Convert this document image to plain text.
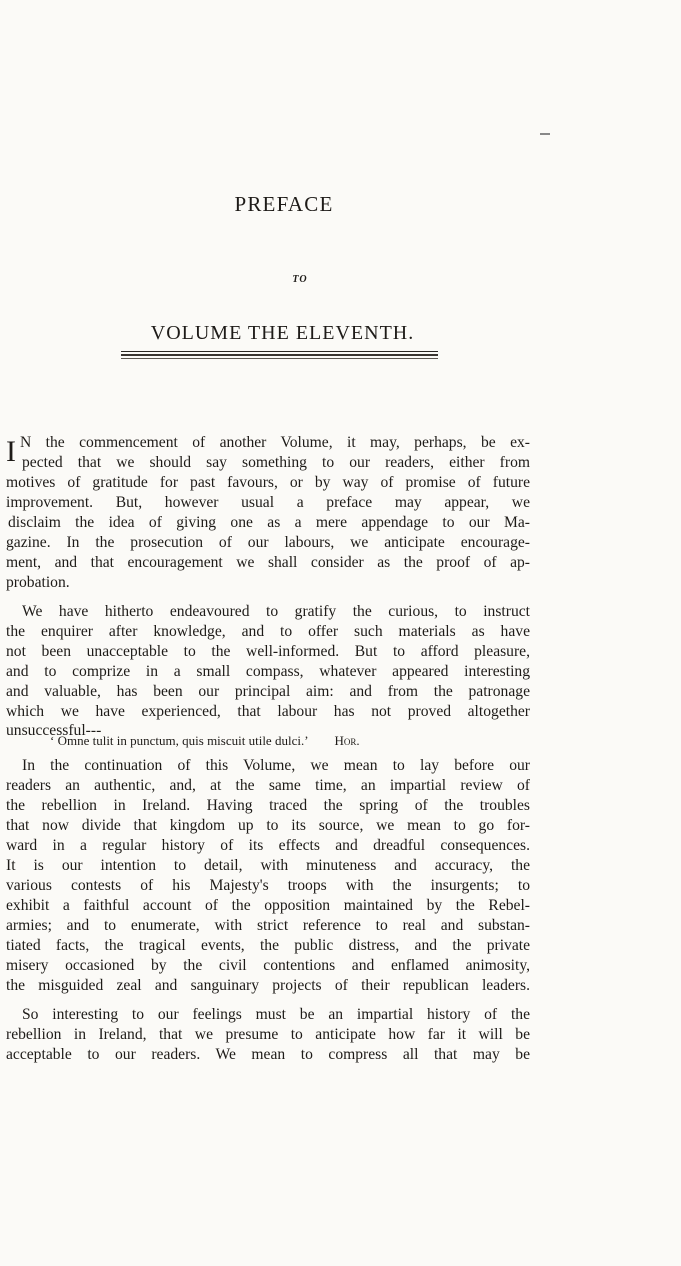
PREFACE
TO
VOLUME THE ELEVENTH.
I N the commencement of another Volume, it may, perhaps, be ex-
pected that we should say something to our readers, either from
motives of gratitude for past favours, or by way of promise of future
improvement. But, however usual a preface may appear, we
disclaim the idea of giving one as a mere appendage to our Ma-
gazine. In the prosecution of our labours, we anticipate encourage-
ment, and that encouragement we shall consider as the proof of ap-
probation.
We have hitherto endeavoured to gratify the curious, to instruct
the enquirer after knowledge, and to offer such materials as have
not been unacceptable to the well-informed. But to afford pleasure,
and to comprize in a small compass, whatever appeared interesting
and valuable, has been our principal aim: and from the patronage
which we have experienced, that labour has not proved altogether
unsuccessful---
In the continuation of this Volume, we mean to lay before our
readers an authentic, and, at the same time, an impartial review of
the rebellion in Ireland. Having traced the spring of the troubles
that now divide that kingdom up to its source, we mean to go for-
ward in a regular history of its effects and dreadful consequences.
It is our intention to detail, with minuteness and accuracy, the
various contests of his Majesty's troops with the insurgents; to
exhibit a faithful account of the opposition maintained by the Rebel-
armies; and to enumerate, with strict reference to real and substan-
tiated facts, the tragical events, the public distress, and the private
misery occasioned by the civil contentions and enflamed animosity,
the misguided zeal and sanguinary projects of their republican leaders.
So interesting to our feelings must be an impartial history of the
rebellion in Ireland, that we presume to anticipate how far it will be
acceptable to our readers. We mean to compress all that may be
‘ Omne tulit in punctum, quis miscuit utile dulci.’ Hor.
